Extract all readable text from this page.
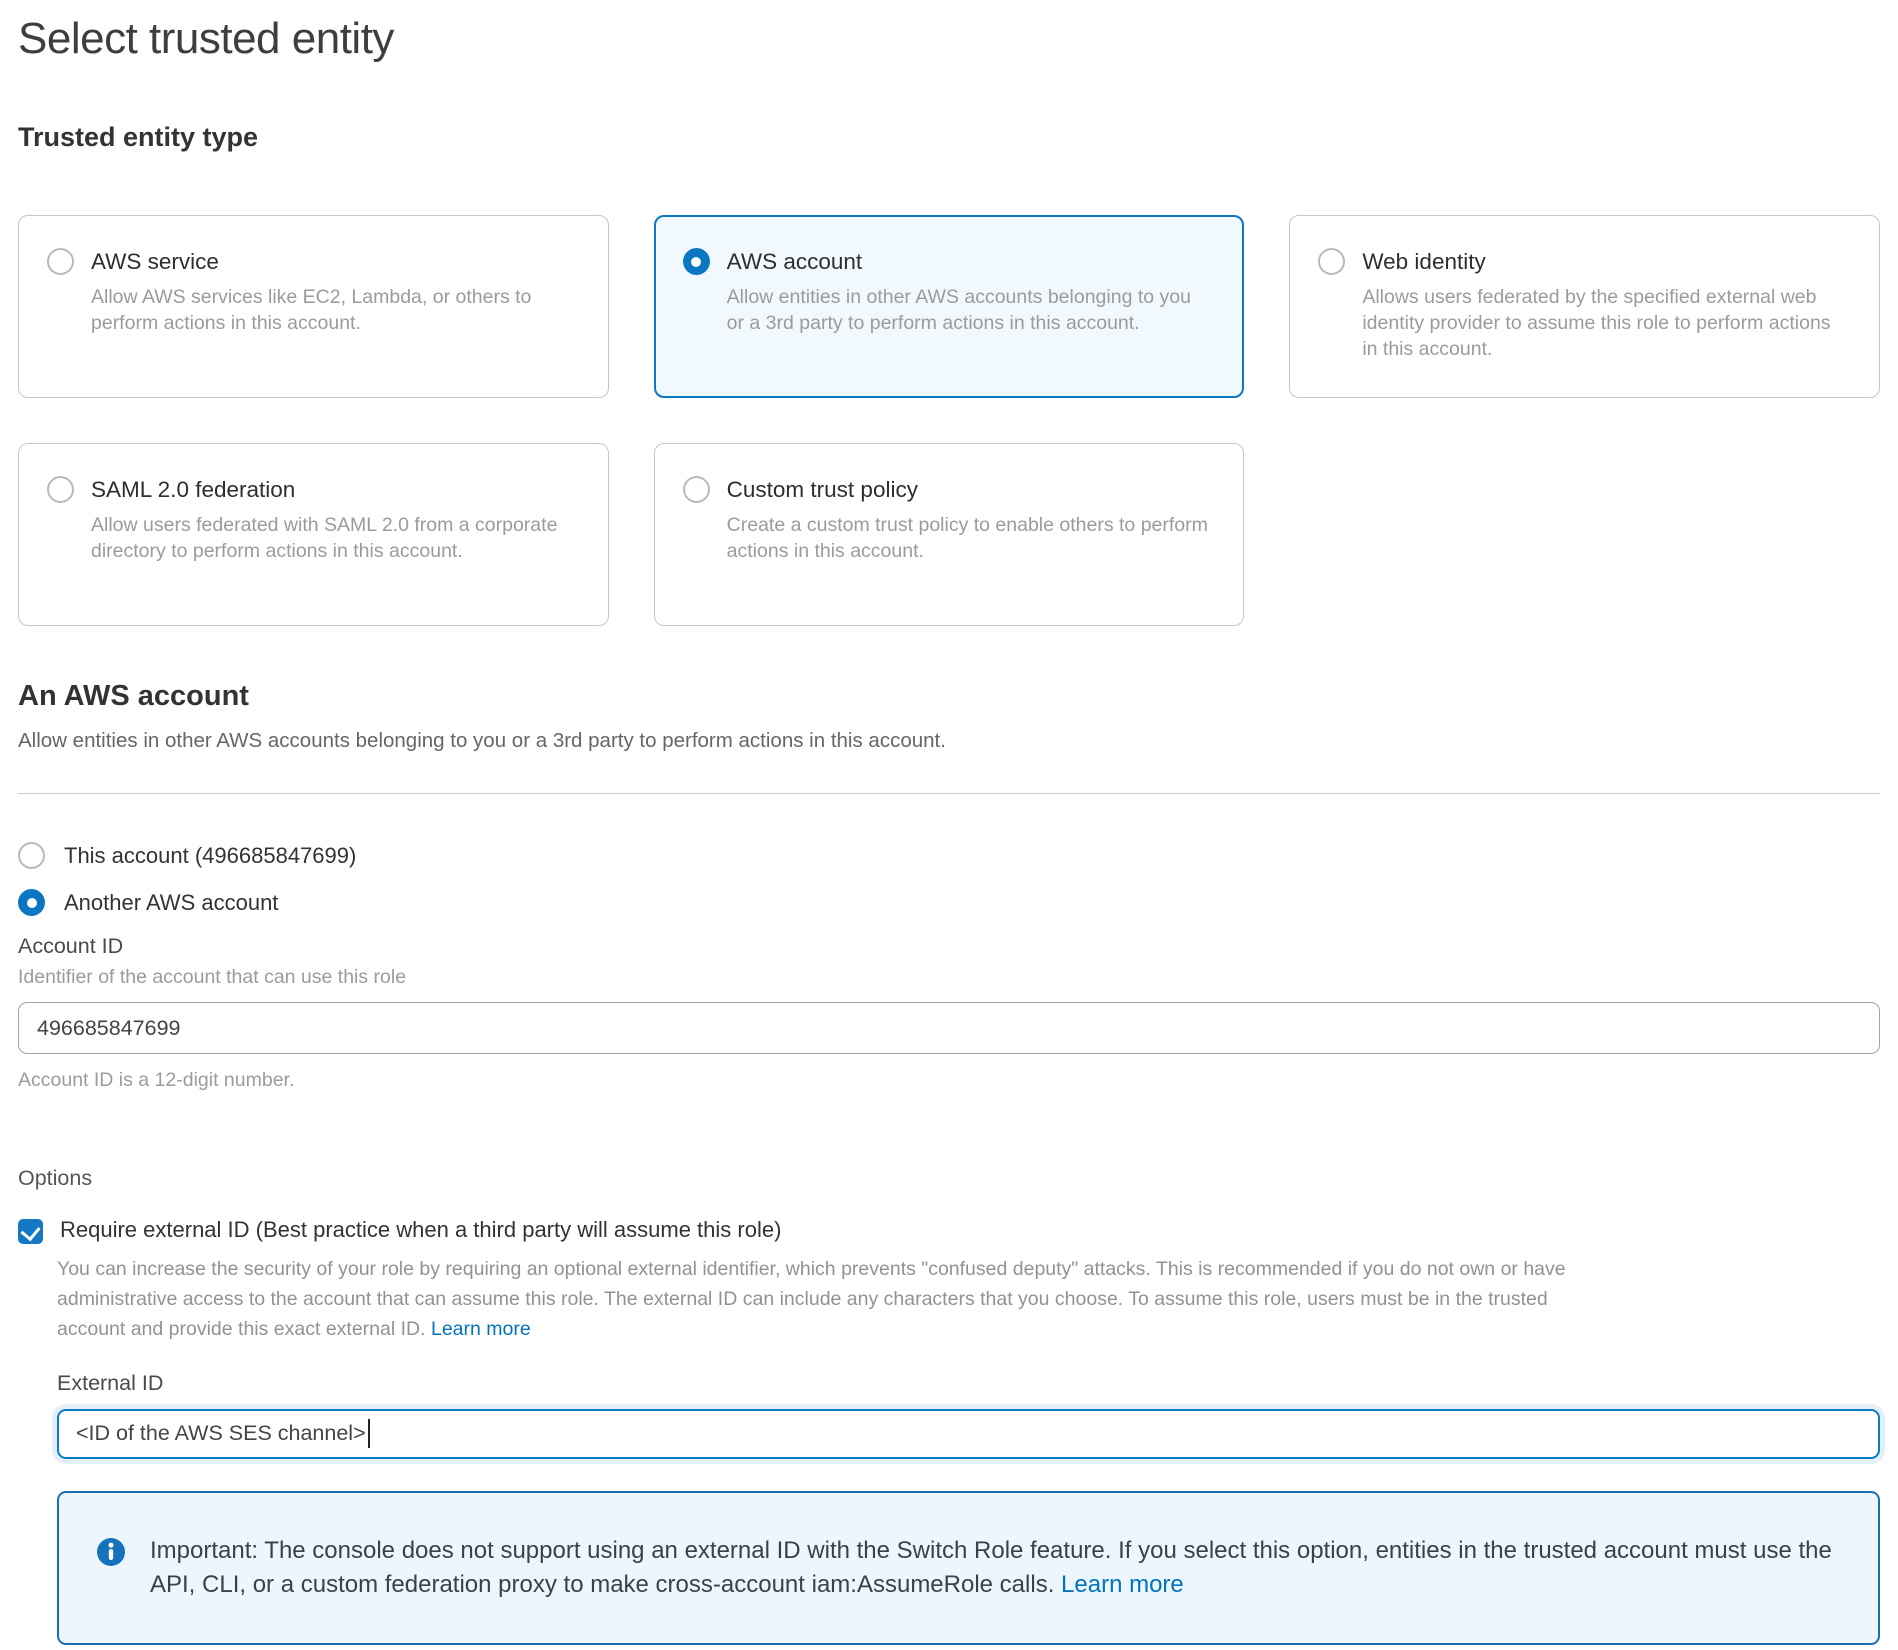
Select trusted entity
Trusted entity type
AWS service
Allow AWS services like EC2, Lambda, or others to perform actions in this account.
AWS account
Allow entities in other AWS accounts belonging to you or a 3rd party to perform actions in this account.
Web identity
Allows users federated by the specified external web identity provider to assume this role to perform actions in this account.
SAML 2.0 federation
Allow users federated with SAML 2.0 from a corporate directory to perform actions in this account.
Custom trust policy
Create a custom trust policy to enable others to perform actions in this account.
An AWS account

Allow entities in other AWS accounts belonging to you or a 3rd party to perform actions in this account.

This account (496685847699)
Another AWS account
Account ID
Identifier of the account that can use this role
496685847699
Account ID is a 12-digit number.
Options
Require external ID (Best practice when a third party will assume this role)
You can increase the security of your role by requiring an optional external identifier, which prevents "confused deputy" attacks. This is recommended if you do not own or have administrative access to the account that can assume this role. The external ID can include any characters that you choose. To assume this role, users must be in the trusted account and provide this exact external ID. Learn more
External ID
<ID of the AWS SES channel>
Important: The console does not support using an external ID with the Switch Role feature. If you select this option, entities in the trusted account must use the API, CLI, or a custom federation proxy to make cross-account iam:AssumeRole calls. Learn more
